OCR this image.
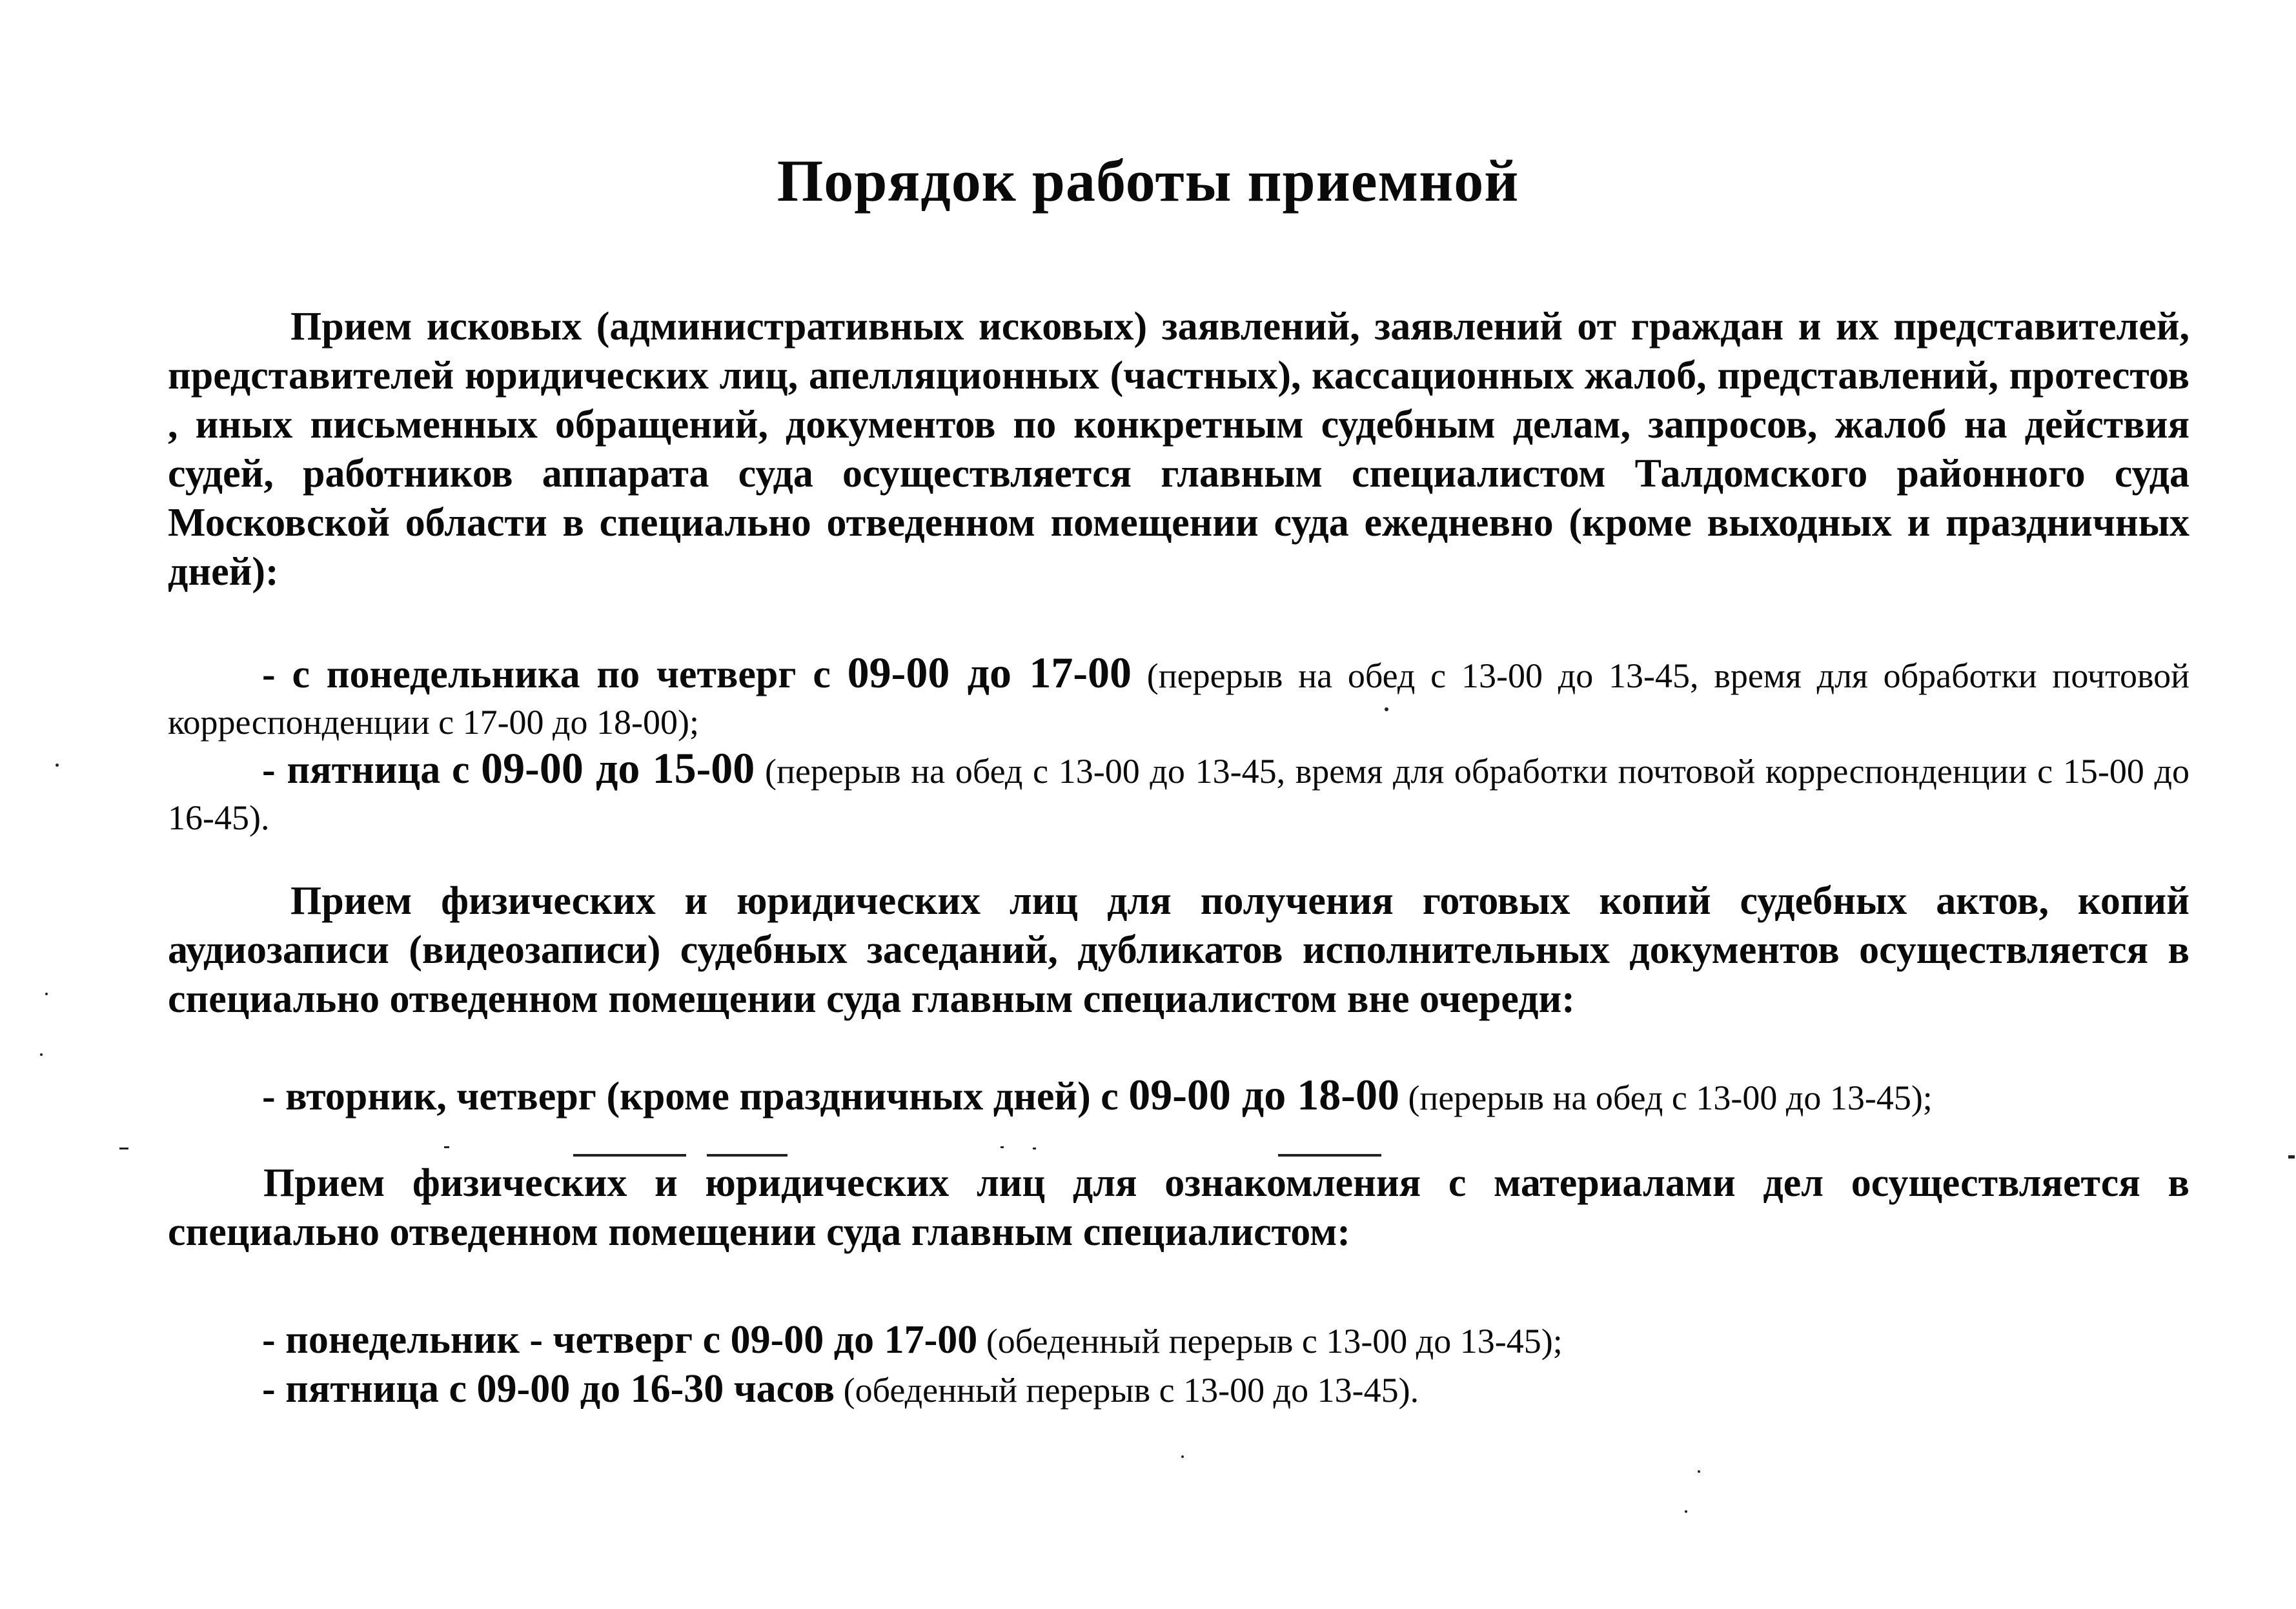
Порядок работы приемной
Прием исковых (административных исковых) заявлений, заявлений от граждан и их представителей, представителей юридических лиц, апелляционных (частных), кассационных жалоб, представлений, протестов , иных письменных обращений, документов по конкретным судебным делам, запросов, жалоб на действия судей, работников аппарата суда осуществляется главным специалистом Талдомского районного суда Московской области в специально отведенном помещении суда ежедневно (кроме выходных и праздничных дней):
- с понедельника по четверг с 09-00 до 17-00 (перерыв на обед с 13-00 до 13-45, время для обработки почтовой корреспонденции с 17-00 до 18-00);
- пятница с 09-00 до 15-00 (перерыв на обед с 13-00 до 13-45, время для обработки почтовой корреспонденции с 15-00 до 16-45).
Прием физических и юридических лиц для получения готовых копий судебных актов, копий аудиозаписи (видеозаписи) судебных заседаний, дубликатов исполнительных документов осуществляется в специально отведенном помещении суда главным специалистом вне очереди:
- вторник, четверг (кроме праздничных дней) с 09-00 до 18-00 (перерыв на обед с 13-00 до 13-45);
Прием физических и юридических лиц для ознакомления с материалами дел осуществляется в специально отведенном помещении суда главным специалистом:
- понедельник - четверг с 09-00 до 17-00 (обеденный перерыв с 13-00 до 13-45);
- пятница с 09-00 до 16-30 часов (обеденный перерыв с 13-00 до 13-45).
